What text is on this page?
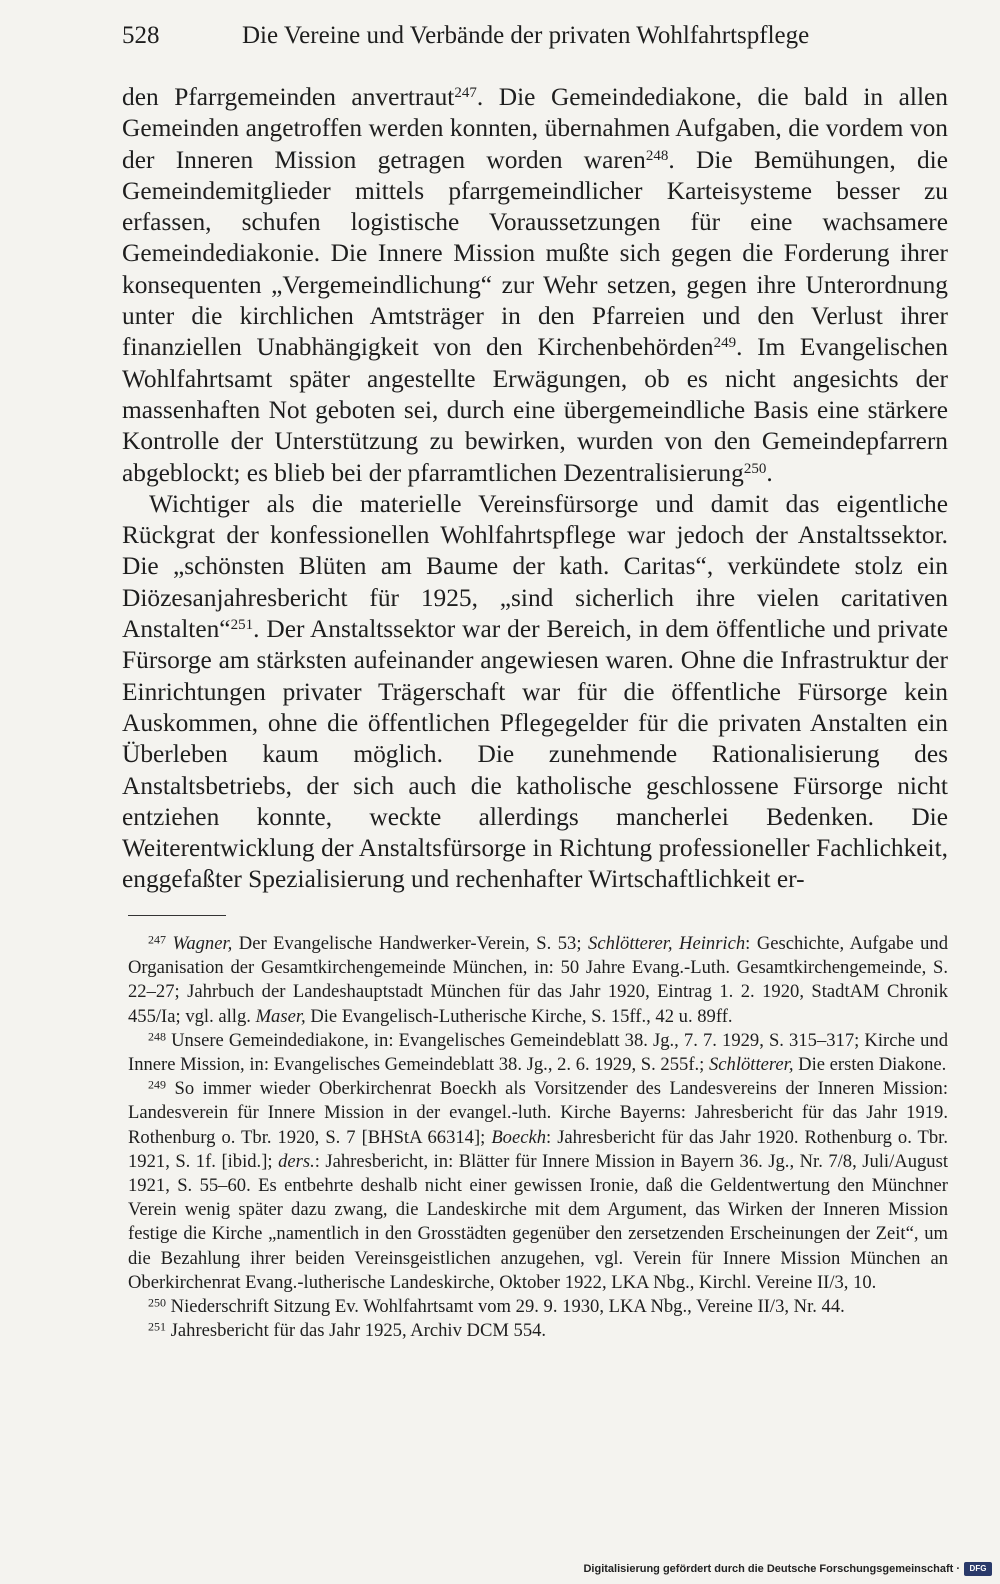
528	Die Vereine und Verbände der privaten Wohlfahrtspflege

den Pfarrgemeinden anvertraut$^{247}$. Die Gemeindediakone, die bald in allen Gemeinden angetroffen werden konnten, übernahmen Aufgaben, die vordem von der Inneren Mission getragen worden waren$^{248}$. Die Bemühungen, die Gemeindemitglieder mittels pfarrgemeindlicher Karteisysteme besser zu erfassen, schufen logistische Voraussetzungen für eine wachsamere Gemeindediakonie. Die Innere Mission mußte sich gegen die Forderung ihrer konsequenten „Vergemeindlichung“ zur Wehr setzen, gegen ihre Unterordnung unter die kirchlichen Amtsträger in den Pfarreien und den Verlust ihrer finanziellen Unabhängigkeit von den Kirchenbehörden$^{249}$. Im Evangelischen Wohlfahrtsamt später angestellte Erwägungen, ob es nicht angesichts der massenhaften Not geboten sei, durch eine übergemeindliche Basis eine stärkere Kontrolle der Unterstützung zu bewirken, wurden von den Gemeindepfarrern abgeblockt; es blieb bei der pfarramtlichen Dezentralisierung$^{250}$.

Wichtiger als die materielle Vereinsfürsorge und damit das eigentliche Rückgrat der konfessionellen Wohlfahrtspflege war jedoch der Anstaltssektor. Die „schönsten Blüten am Baume der kath. Caritas“, verkündete stolz ein Diözesanjahresbericht für 1925, „sind sicherlich ihre vielen caritativen Anstalten“$^{251}$. Der Anstaltssektor war der Bereich, in dem öffentliche und private Fürsorge am stärksten aufeinander angewiesen waren. Ohne die Infrastruktur der Einrichtungen privater Trägerschaft war für die öffentliche Fürsorge kein Auskommen, ohne die öffentlichen Pflegegelder für die privaten Anstalten ein Überleben kaum möglich. Die zunehmende Rationalisierung des Anstaltsbetriebs, der sich auch die katholische geschlossene Fürsorge nicht entziehen konnte, weckte allerdings mancherlei Bedenken. Die Weiterentwicklung der Anstaltsfürsorge in Richtung professioneller Fachlichkeit, enggefaßter Spezialisierung und rechenhafter Wirtschaftlichkeit er-

$^{247}$ Wagner, Der Evangelische Handwerker-Verein, S. 53; Schlötterer, Heinrich: Geschichte, Aufgabe und Organisation der Gesamtkirchengemeinde München, in: 50 Jahre Evang.-Luth. Gesamtkirchengemeinde, S. 22–27; Jahrbuch der Landeshauptstadt München für das Jahr 1920, Eintrag 1. 2. 1920, StadtAM Chronik 455/Ia; vgl. allg. Maser, Die Evangelisch-Lutherische Kirche, S. 15ff., 42 u. 89ff.

$^{248}$ Unsere Gemeindediakone, in: Evangelisches Gemeindeblatt 38. Jg., 7. 7. 1929, S. 315–317; Kirche und Innere Mission, in: Evangelisches Gemeindeblatt 38. Jg., 2. 6. 1929, S. 255f.; Schlötterer, Die ersten Diakone.

$^{249}$ So immer wieder Oberkirchenrat Boeckh als Vorsitzender des Landesvereins der Inneren Mission: Landesverein für Innere Mission in der evangel.-luth. Kirche Bayerns: Jahresbericht für das Jahr 1919. Rothenburg o. Tbr. 1920, S. 7 [BHStA 66314]; Boeckh: Jahresbericht für das Jahr 1920. Rothenburg o. Tbr. 1921, S. 1f. [ibid.]; ders.: Jahresbericht, in: Blätter für Innere Mission in Bayern 36. Jg., Nr. 7/8, Juli/August 1921, S. 55–60. Es entbehrte deshalb nicht einer gewissen Ironie, daß die Geldentwertung den Münchner Verein wenig später dazu zwang, die Landeskirche mit dem Argument, das Wirken der Inneren Mission festige die Kirche „namentlich in den Grosstädten gegenüber den zersetzenden Erscheinungen der Zeit“, um die Bezahlung ihrer beiden Vereinsgeistlichen anzugehen, vgl. Verein für Innere Mission München an Oberkirchenrat Evang.-lutherische Landeskirche, Oktober 1922, LKA Nbg., Kirchl. Vereine II/3, 10.

$^{250}$ Niederschrift Sitzung Ev. Wohlfahrtsamt vom 29. 9. 1930, LKA Nbg., Vereine II/3, Nr. 44.

$^{251}$ Jahresbericht für das Jahr 1925, Archiv DCM 554.

Digitalisierung gefördert durch die Deutsche Forschungsgemeinschaft ·	DFG
